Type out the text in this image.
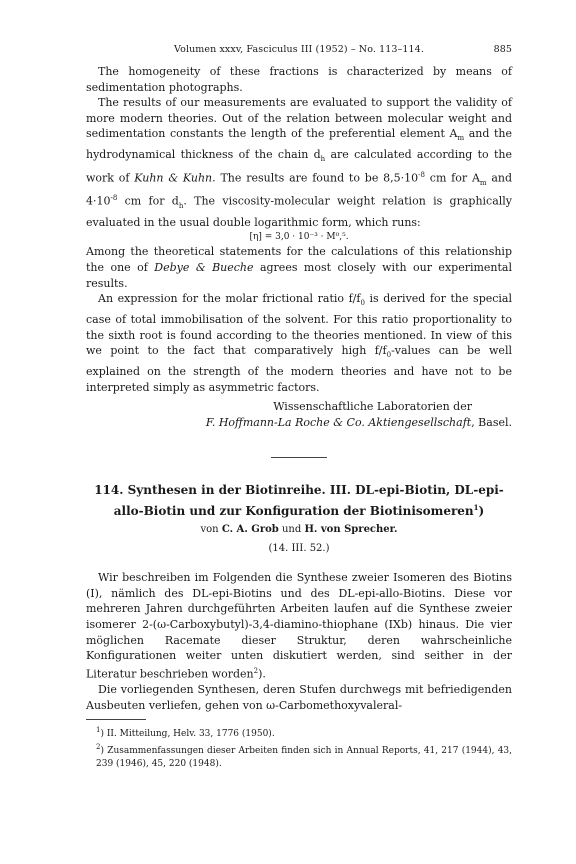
Volumen xxxv, Fasciculus III (1952) – No. 113–114.	885

The homogeneity of these fractions is characterized by means of sedimentation photographs.

The results of our measurements are evaluated to support the validity of more modern theories. Out of the relation between molecular weight and sedimentation constants the length of the preferential element $A_m$ and the hydrodynamical thickness of the chain $d_h$ are calculated according to the work of Kuhn & Kuhn. The results are found to be $8,5\cdot 10^{-8}$ cm for $A_m$ and $4\cdot 10^{-8}$ cm for $d_h$. The viscosity-molecular weight relation is graphically evaluated in the usual double logarithmic form, which runs:

[η] = 3,0 · 10⁻³ · M⁰,⁵.

Among the theoretical statements for the calculations of this relationship the one of Debye & Bueche agrees most closely with our experimental results.

An expression for the molar frictional ratio $f/f_0$ is derived for the special case of total immobilisation of the solvent. For this ratio proportionality to the sixth root is found according to the theories mentioned. In view of this we point to the fact that comparatively high $f/f_0$-values can be well explained on the strength of the modern theories and have not to be interpreted simply as asymmetric factors.

Wissenschaftliche Laboratorien der
F. Hoffmann-La Roche & Co. Aktiengesellschaft, Basel.
114. Synthesen in der Biotinreihe. III. DL-epi-Biotin, DL-epi-
allo-Biotin und zur Konfiguration der Biotinisomeren$^1$)
von C. A. Grob und H. von Sprecher.
(14. III. 52.)

Wir beschreiben im Folgenden die Synthese zweier Isomeren des Biotins (I), nämlich des DL-epi-Biotins und des DL-epi-allo-Biotins. Diese vor mehreren Jahren durchgeführten Arbeiten laufen auf die Synthese zweier isomerer 2-(ω-Carboxybutyl)-3,4-diamino-thiophane (IXb) hinaus. Die vier möglichen Racemate dieser Struktur, deren wahrscheinliche Konfigurationen weiter unten diskutiert werden, sind seither in der Literatur beschrieben worden$^2$).

Die vorliegenden Synthesen, deren Stufen durchwegs mit befriedigenden Ausbeuten verliefen, gehen von ω-Carbomethoxyvaleral-

$^1$) II. Mitteilung, Helv. 33, 1776 (1950).

$^2$) Zusammenfassungen dieser Arbeiten finden sich in Annual Reports, 41, 217 (1944), 43, 239 (1946), 45, 220 (1948).
